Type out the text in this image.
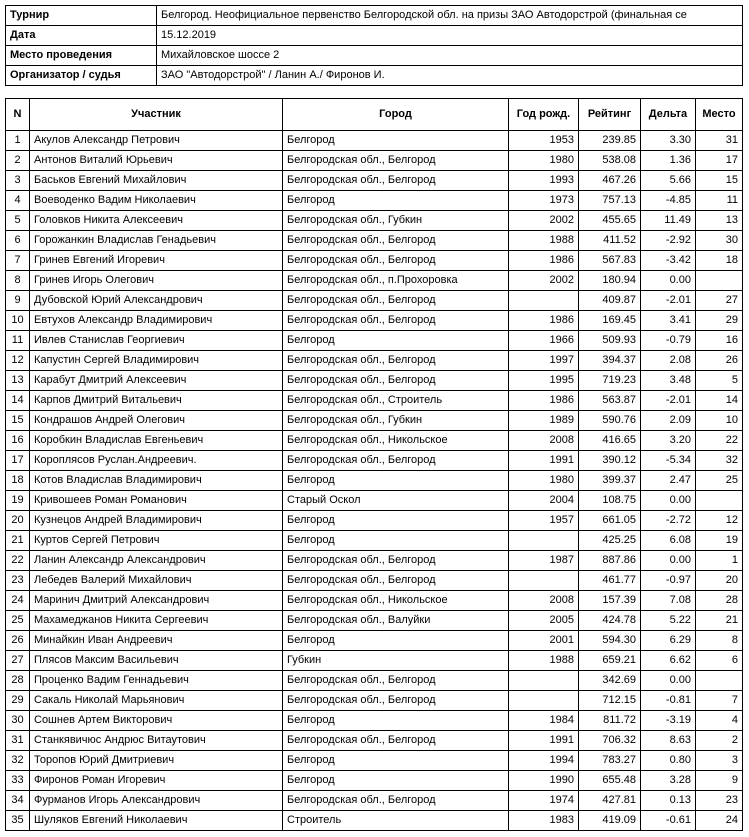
Турнир	Белгород. Неофициальное первенство Белгородской обл. на призы ЗАО Автодорстрой (финальная се
Дата	15.12.2019
Место проведения	Михайловское шоссе 2
Организатор / судья	ЗАО "Автодорстрой" / Ланин А./ Фиронов И.
N	Участник	Город	Год рожд.	Рейтинг	Дельта	Место
1	Акулов Александр Петрович	Белгород	1953	239.85	3.30	31
2	Антонов Виталий Юрьевич	Белгородская обл., Белгород	1980	538.08	1.36	17
3	Баськов Евгений Михайлович	Белгородская обл., Белгород	1993	467.26	5.66	15
4	Воеводенко Вадим Николаевич	Белгород	1973	757.13	-4.85	11
5	Головков Никита Алексеевич	Белгородская обл., Губкин	2002	455.65	11.49	13
6	Горожанкин Владислав Генадьевич	Белгородская обл., Белгород	1988	411.52	-2.92	30
7	Гринев Евгений Игоревич	Белгородская обл., Белгород	1986	567.83	-3.42	18
8	Гринев Игорь Олегович	Белгородская обл., п.Прохоровка	2002	180.94	0.00	
9	Дубовской Юрий Александрович	Белгородская обл., Белгород		409.87	-2.01	27
10	Евтухов Александр Владимирович	Белгородская обл., Белгород	1986	169.45	3.41	29
11	Ивлев Станислав Георгиевич	Белгород	1966	509.93	-0.79	16
12	Капустин Сергей Владимирович	Белгородская обл., Белгород	1997	394.37	2.08	26
13	Карабут Дмитрий Алексеевич	Белгородская обл., Белгород	1995	719.23	3.48	5
14	Карпов Дмитрий Витальевич	Белгородская обл., Строитель	1986	563.87	-2.01	14
15	Кондрашов Андрей Олегович	Белгородская обл., Губкин	1989	590.76	2.09	10
16	Коробкин Владислав Евгеньевич	Белгородская обл., Никольское	2008	416.65	3.20	22
17	Короплясов Руслан.Андреевич.	Белгородская обл., Белгород	1991	390.12	-5.34	32
18	Котов Владислав Владимирович	Белгород	1980	399.37	2.47	25
19	Кривошеев Роман Романович	Старый Оскол	2004	108.75	0.00	
20	Кузнецов Андрей Владимирович	Белгород	1957	661.05	-2.72	12
21	Куртов Сергей Петрович	Белгород		425.25	6.08	19
22	Ланин Александр Александрович	Белгородская обл., Белгород	1987	887.86	0.00	1
23	Лебедев Валерий Михайлович	Белгородская обл., Белгород		461.77	-0.97	20
24	Маринич Дмитрий Александрович	Белгородская обл., Никольское	2008	157.39	7.08	28
25	Махамеджанов Никита Сергеевич	Белгородская обл., Валуйки	2005	424.78	5.22	21
26	Минайкин Иван Андреевич	Белгород	2001	594.30	6.29	8
27	Плясов Максим Васильевич	Губкин	1988	659.21	6.62	6
28	Проценко Вадим Геннадьевич	Белгородская обл., Белгород		342.69	0.00	
29	Сакаль Николай Марьянович	Белгородская обл., Белгород		712.15	-0.81	7
30	Сошнев Артем Викторович	Белгород	1984	811.72	-3.19	4
31	Станкявичюс Андрюс Витаутович	Белгородская обл., Белгород	1991	706.32	8.63	2
32	Торопов Юрий Дмитриевич	Белгород	1994	783.27	0.80	3
33	Фиронов Роман Игоревич	Белгород	1990	655.48	3.28	9
34	Фурманов Игорь Александрович	Белгородская обл., Белгород	1974	427.81	0.13	23
35	Шуляков Евгений Николаевич	Строитель	1983	419.09	-0.61	24
